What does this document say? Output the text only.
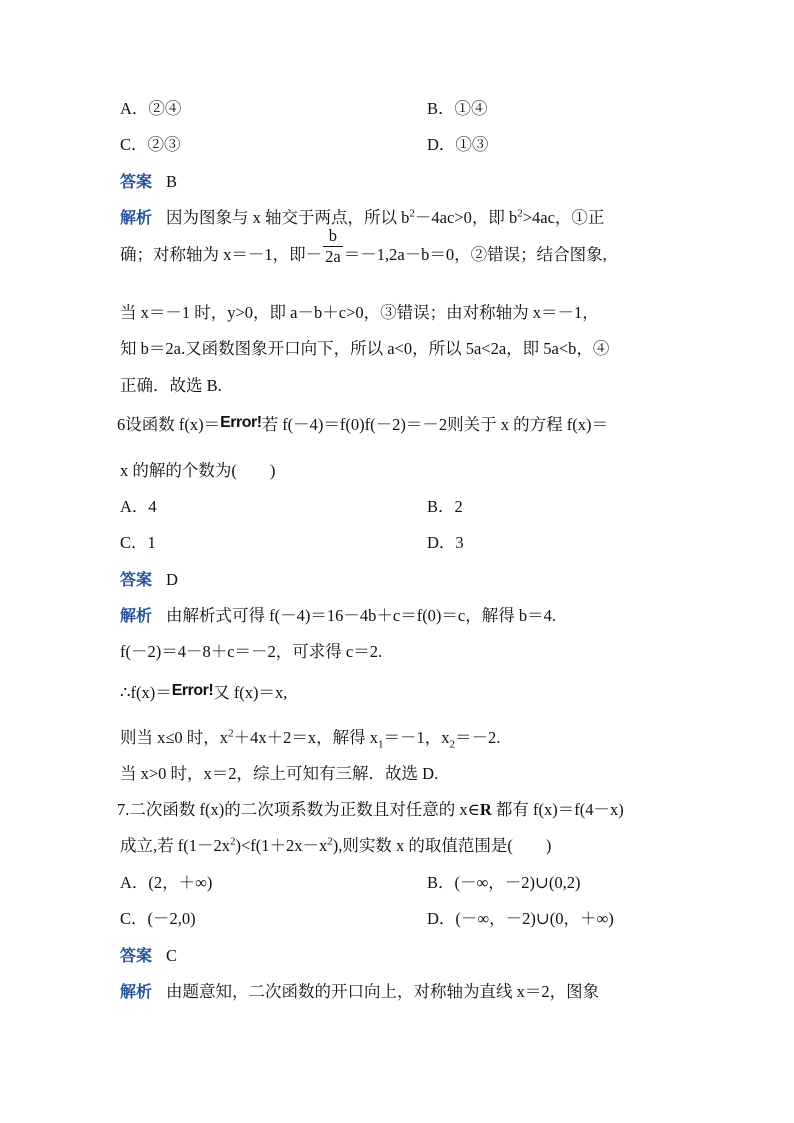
A．②④	B．①④
C．②③	D．①③
答案 B
解析 因为图象与 x 轴交于两点，所以 $b^2-4ac>0$，即 $b^2>4ac$，①正
确；对称轴为 x＝－1，即－ $\frac{b}{2a} =-1,2a-b=0$，②错误；结合图象,
当 x＝－1 时，y>0，即 a－b＋c>0，③错误；由对称轴为 x＝－1，
知 b＝2a.又函数图象开口向下，所以 a<0，所以 5a<2a，即 5a<b，④
正确．故选 B.
6设函数 f(x)＝Error!若 f(－4)＝f(0)f(－2)＝－2则关于 x 的方程 f(x)＝
x 的解的个数为(　　)
A．4	B．2
C．1	D．3
答案 D
解析 由解析式可得 f(－4)＝16－4b＋c＝f(0)＝c，解得 b＝4.
f(－2)＝4－8＋c＝－2，可求得 c＝2.
∴f(x)＝Error!又 f(x)＝x,
则当 x≤0 时，$x^2+4x+2=x$，解得 $x_1=-1$，$x_2=-2$.
当 x>0 时，x＝2，综上可知有三解．故选 D.
7.二次函数 f(x)的二次项系数为正数且对任意的 x∈R 都有 f(x)＝f(4－x)
成立,若 $f(1-2x^2)<f(1+2x-x^2)$,则实数 x 的取值范围是(　　)
A．(2，＋∞)	B．(－∞，－2)∪(0,2)
C．(－2,0)	D．(－∞，－2)∪(0，＋∞)
答案 C
解析 由题意知，二次函数的开口向上，对称轴为直线 x＝2，图象
